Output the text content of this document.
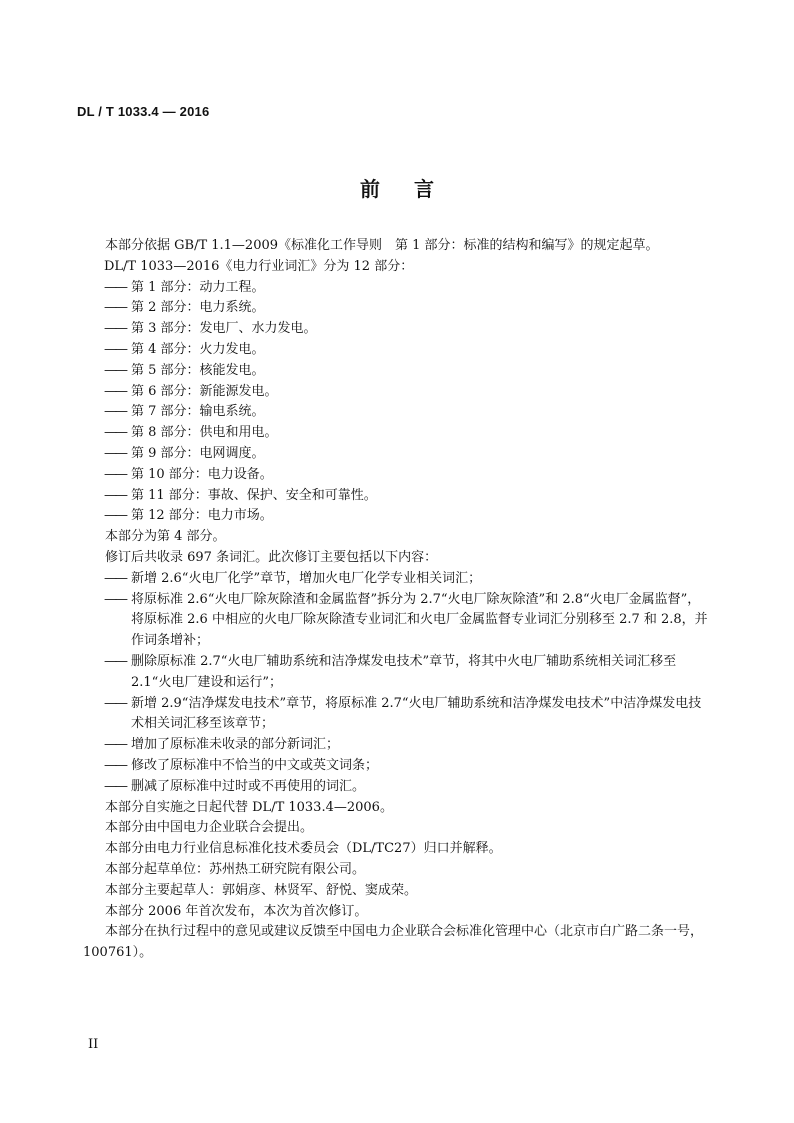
DL / T 1033.4 — 2016
前言

本部分依据 GB/T 1.1—2009《标准化工作导则　第 1 部分：标准的结构和编写》的规定起草。

DL/T 1033—2016《电力行业词汇》分为 12 部分：

—— 第 1 部分：动力工程。
—— 第 2 部分：电力系统。
—— 第 3 部分：发电厂、水力发电。
—— 第 4 部分：火力发电。
—— 第 5 部分：核能发电。
—— 第 6 部分：新能源发电。
—— 第 7 部分：输电系统。
—— 第 8 部分：供电和用电。
—— 第 9 部分：电网调度。
—— 第 10 部分：电力设备。
—— 第 11 部分：事故、保护、安全和可靠性。
—— 第 12 部分：电力市场。

本部分为第 4 部分。

修订后共收录 697 条词汇。此次修订主要包括以下内容：

—— 新增 2.6“火电厂化学”章节，增加火电厂化学专业相关词汇；
—— 将原标准 2.6“火电厂除灰除渣和金属监督”拆分为 2.7“火电厂除灰除渣”和 2.8“火电厂金属监督”，将原标准 2.6 中相应的火电厂除灰除渣专业词汇和火电厂金属监督专业词汇分别移至 2.7 和 2.8，并作词条增补；
—— 删除原标准 2.7“火电厂辅助系统和洁净煤发电技术”章节，将其中火电厂辅助系统相关词汇移至 2.1“火电厂建设和运行”；
—— 新增 2.9“洁净煤发电技术”章节，将原标准 2.7“火电厂辅助系统和洁净煤发电技术”中洁净煤发电技术相关词汇移至该章节；
—— 增加了原标准未收录的部分新词汇；
—— 修改了原标准中不恰当的中文或英文词条；
—— 删减了原标准中过时或不再使用的词汇。

本部分自实施之日起代替 DL/T 1033.4—2006。

本部分由中国电力企业联合会提出。

本部分由电力行业信息标准化技术委员会（DL/TC27）归口并解释。

本部分起草单位：苏州热工研究院有限公司。

本部分主要起草人：郭娟彦、林贤军、舒悦、窦成荣。

本部分 2006 年首次发布，本次为首次修订。

本部分在执行过程中的意见或建议反馈至中国电力企业联合会标准化管理中心（北京市白广路二条一号，100761）。

II
